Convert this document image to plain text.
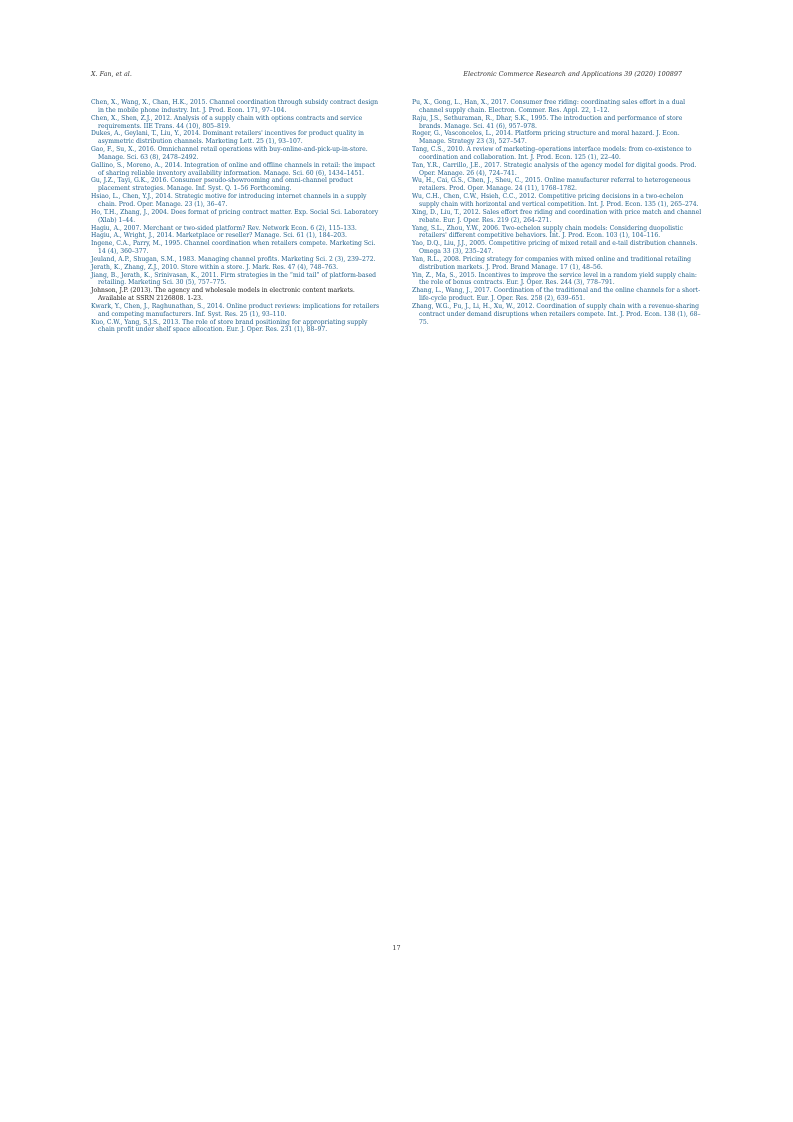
X. Fan, et al.	Electronic Commerce Research and Applications 39 (2020) 100897

Chen, X., Wang, X., Chan, H.K., 2015. Channel coordination through subsidy contract design in the mobile phone industry. Int. J. Prod. Econ. 171, 97–104.

Chen, X., Shen, Z.J., 2012. Analysis of a supply chain with options contracts and service requirements. IIE Trans. 44 (10), 805–819.

Dukes, A., Geylani, T., Liu, Y., 2014. Dominant retailers' incentives for product quality in asymmetric distribution channels. Marketing Lett. 25 (1), 93–107.

Gao, F., Su, X., 2016. Omnichannel retail operations with buy-online-and-pick-up-in-store. Manage. Sci. 63 (8), 2478–2492.

Gallino, S., Moreno, A., 2014. Integration of online and offline channels in retail: the impact of sharing reliable inventory availability information. Manage. Sci. 60 (6), 1434–1451.

Gu, J.Z., Tayi, G.K., 2016. Consumer pseudo-showrooming and omni-channel product placement strategies. Manage. Inf. Syst. Q. 1–56 Forthcoming.

Hsiao, L., Chen, Y.J., 2014. Strategic motive for introducing internet channels in a supply chain. Prod. Oper. Manage. 23 (1), 36–47.

Ho, T.H., Zhang, J., 2004. Does format of pricing contract matter. Exp. Social Sci. Laboratory (Xlab) 1–44.

Hagiu, A., 2007. Merchant or two-sided platform? Rev. Network Econ. 6 (2), 115–133.

Hagiu, A., Wright, J., 2014. Marketplace or reseller? Manage. Sci. 61 (1), 184–203.

Ingene, C.A., Parry, M., 1995. Channel coordination when retailers compete. Marketing Sci. 14 (4), 360–377.

Jeuland, A.P., Shugan, S.M., 1983. Managing channel profits. Marketing Sci. 2 (3), 239–272.

Jerath, K., Zhang, Z.J., 2010. Store within a store. J. Mark. Res. 47 (4), 748–763.

Jiang, B., Jerath, K., Srinivasan, K., 2011. Firm strategies in the “mid tail” of platform-based retailing. Marketing Sci. 30 (5), 757–775.

Johnson, J.P. (2013). The agency and wholesale models in electronic content markets. Available at SSRN 2126808. 1-23.

Kwark, Y., Chen, J., Raghunathan, S., 2014. Online product reviews: implications for retailers and competing manufacturers. Inf. Syst. Res. 25 (1), 93–110.

Kuo, C.W., Yang, S.J.S., 2013. The role of store brand positioning for appropriating supply chain profit under shelf space allocation. Eur. J. Oper. Res. 231 (1), 88–97.

Pu, X., Gong, L., Han, X., 2017. Consumer free riding: coordinating sales effort in a dual channel supply chain. Electron. Commer. Res. Appl. 22, 1–12.

Raju, J.S., Sethuraman, R., Dhar, S.K., 1995. The introduction and performance of store brands. Manage. Sci. 41 (6), 957–978.

Roger, G., Vasconcelos, L., 2014. Platform pricing structure and moral hazard. J. Econ. Manage. Strategy 23 (3), 527–547.

Tang, C.S., 2010. A review of marketing–operations interface models: from co-existence to coordination and collaboration. Int. J. Prod. Econ. 125 (1), 22–40.

Tan, Y.R., Carrillo, J.E., 2017. Strategic analysis of the agency model for digital goods. Prod. Oper. Manage. 26 (4), 724–741.

Wu, H., Cai, G.S., Chen, J., Sheu, C., 2015. Online manufacturer referral to heterogeneous retailers. Prod. Oper. Manage. 24 (11), 1768–1782.

Wu, C.H., Chen, C.W., Hsieh, C.C., 2012. Competitive pricing decisions in a two-echelon supply chain with horizontal and vertical competition. Int. J. Prod. Econ. 135 (1), 265–274.

Xing, D., Liu, T., 2012. Sales effort free riding and coordination with price match and channel rebate. Eur. J. Oper. Res. 219 (2), 264–271.

Yang, S.L., Zhou, Y.W., 2006. Two-echelon supply chain models: Considering duopolistic retailers' different competitive behaviors. Int. J. Prod. Econ. 103 (1), 104–116.

Yao, D.Q., Liu, J.J., 2005. Competitive pricing of mixed retail and e-tail distribution channels. Omega 33 (3), 235–247.

Yan, R.L., 2008. Pricing strategy for companies with mixed online and traditional retailing distribution markets. J. Prod. Brand Manage. 17 (1), 48–56.

Yin, Z., Ma, S., 2015. Incentives to improve the service level in a random yield supply chain: the role of bonus contracts. Eur. J. Oper. Res. 244 (3), 778–791.

Zhang, L., Wang, J., 2017. Coordination of the traditional and the online channels for a short-life-cycle product. Eur. J. Oper. Res. 258 (2), 639–651.

Zhang, W.G., Fu, J., Li, H., Xu, W., 2012. Coordination of supply chain with a revenue-sharing contract under demand disruptions when retailers compete. Int. J. Prod. Econ. 138 (1), 68–75.

17
